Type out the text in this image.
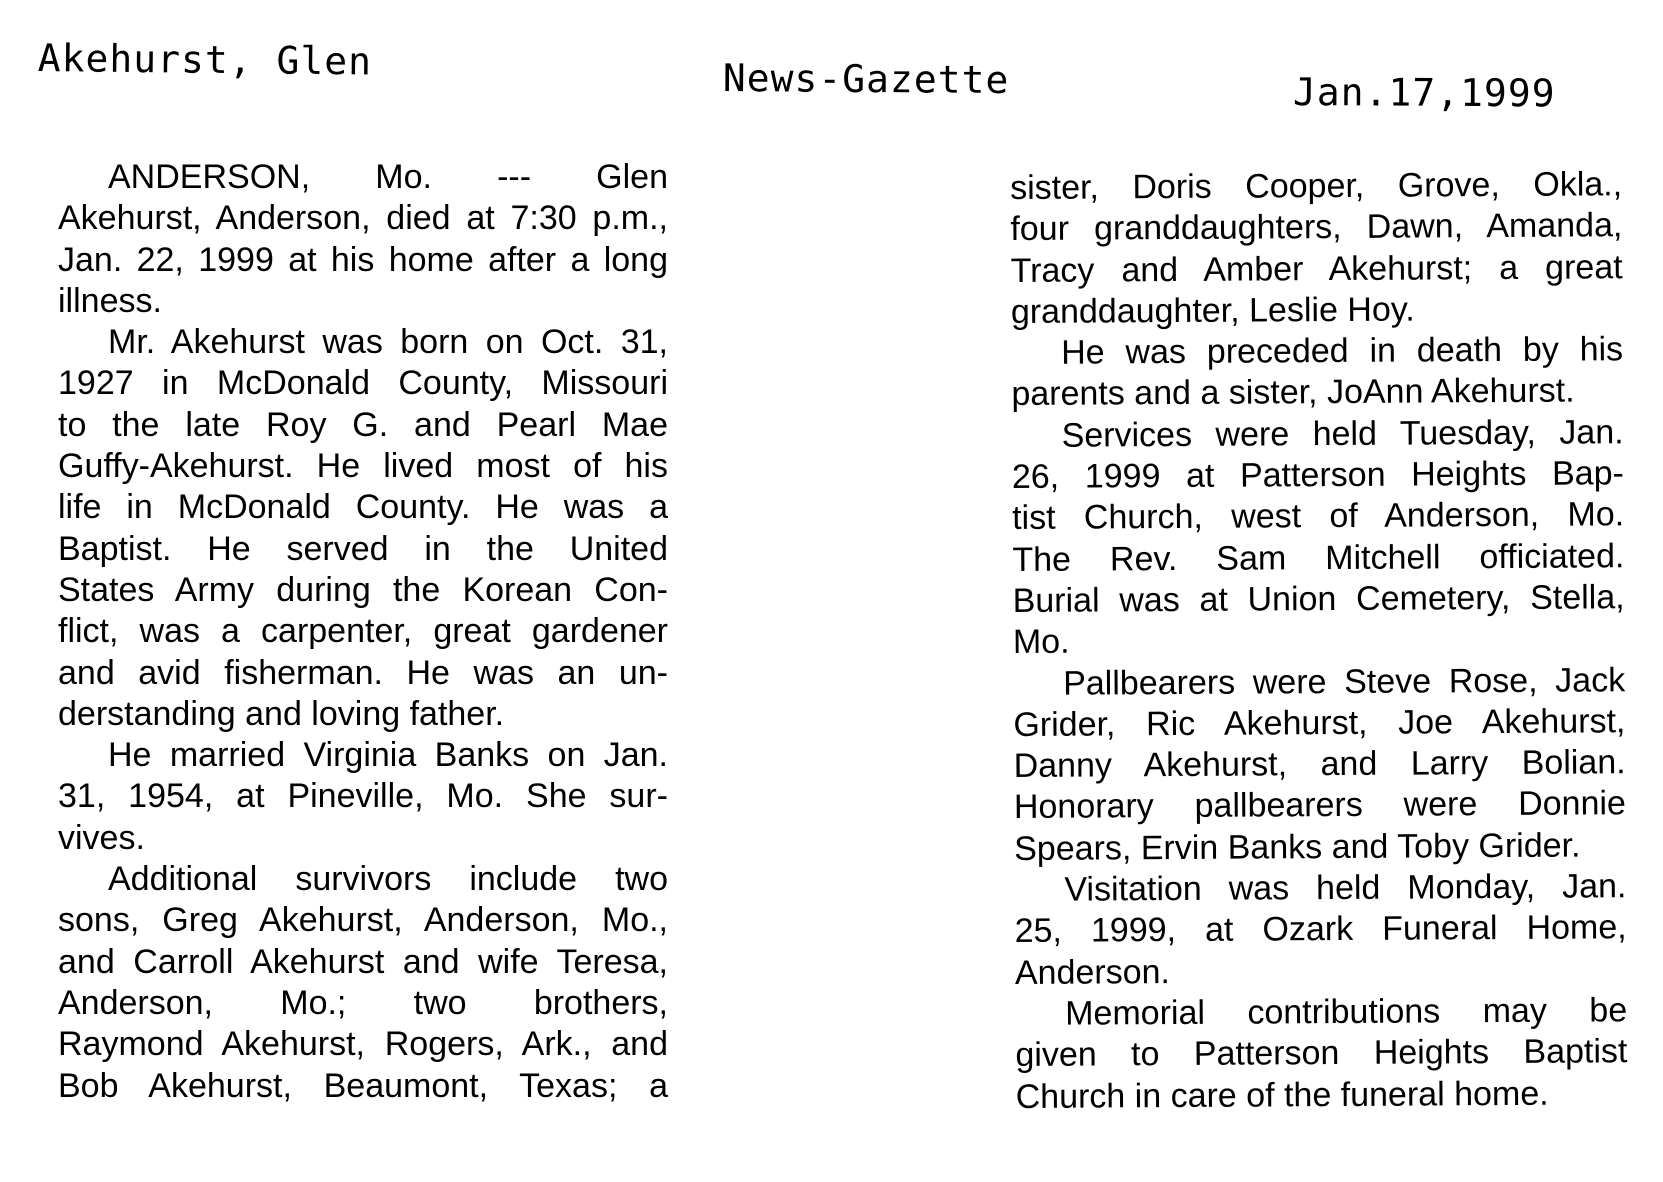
Akehurst, Glen	News-Gazette	Jan.17,1999
ANDERSON, Mo. --- Glen
Akehurst, Anderson, died at 7:30 p.m.,
Jan. 22, 1999 at his home after a long
illness.
Mr. Akehurst was born on Oct. 31,
1927 in McDonald County, Missouri
to the late Roy G. and Pearl Mae
Guffy-Akehurst. He lived most of his
life in McDonald County. He was a
Baptist. He served in the United
States Army during the Korean Con-
flict, was a carpenter, great gardener
and avid fisherman. He was an un-
derstanding and loving father.
He married Virginia Banks on Jan.
31, 1954, at Pineville, Mo. She sur-
vives.
Additional survivors include two
sons, Greg Akehurst, Anderson, Mo.,
and Carroll Akehurst and wife Teresa,
Anderson, Mo.; two brothers,
Raymond Akehurst, Rogers, Ark., and
Bob Akehurst, Beaumont, Texas; a
sister, Doris Cooper, Grove, Okla.,
four granddaughters, Dawn, Amanda,
Tracy and Amber Akehurst; a great
granddaughter, Leslie Hoy.
He was preceded in death by his
parents and a sister, JoAnn Akehurst.
Services were held Tuesday, Jan.
26, 1999 at Patterson Heights Bap-
tist Church, west of Anderson, Mo.
The Rev. Sam Mitchell officiated.
Burial was at Union Cemetery, Stella,
Mo.
Pallbearers were Steve Rose, Jack
Grider, Ric Akehurst, Joe Akehurst,
Danny Akehurst, and Larry Bolian.
Honorary pallbearers were Donnie
Spears, Ervin Banks and Toby Grider.
Visitation was held Monday, Jan.
25, 1999, at Ozark Funeral Home,
Anderson.
Memorial contributions may be
given to Patterson Heights Baptist
Church in care of the funeral home.
